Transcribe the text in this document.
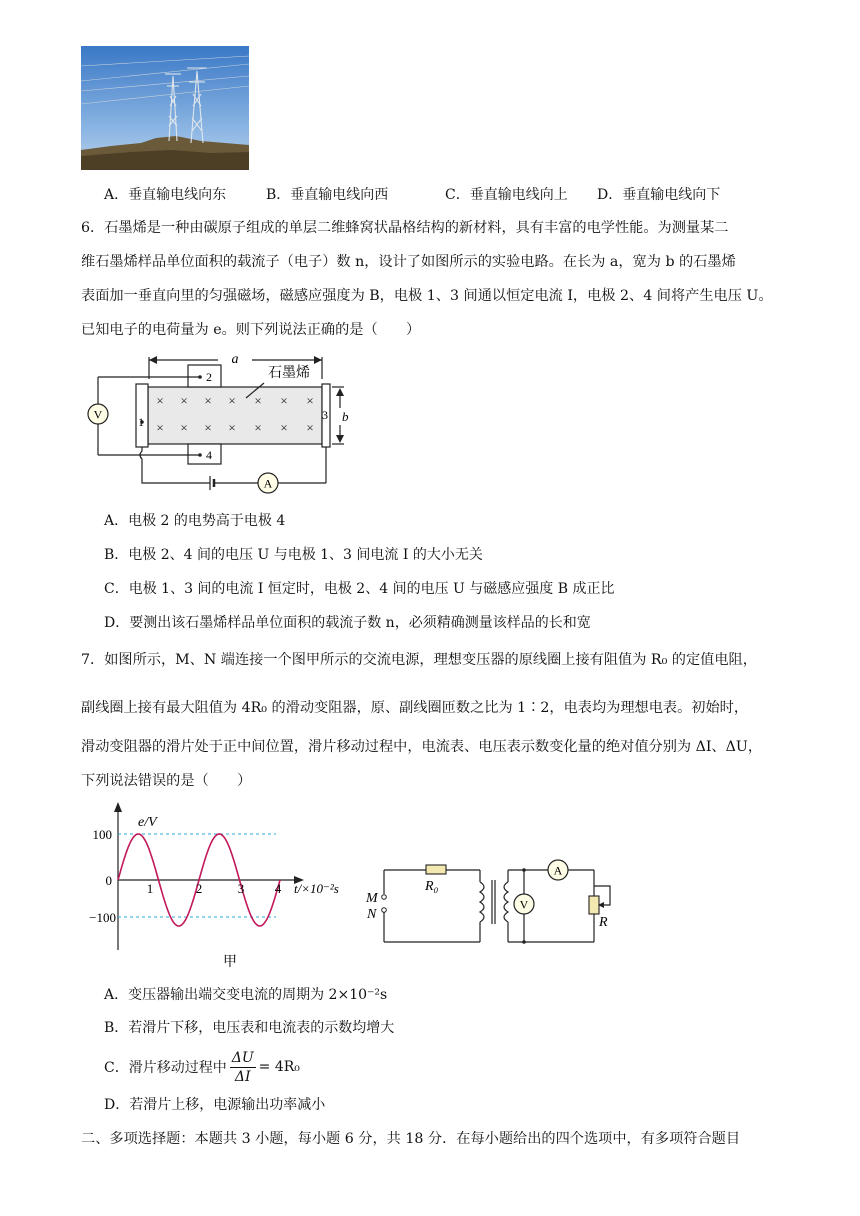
A．垂直输电线向东	B．垂直输电线向西	C．垂直输电线向上 D．垂直输电线向下
6．石墨烯是一种由碳原子组成的单层二维蜂窝状晶格结构的新材料，具有丰富的电学性能。为测量某二
维石墨烯样品单位面积的载流子（电子）数 n，设计了如图所示的实验电路。在长为 a，宽为 b 的石墨烯
表面加一垂直向里的匀强磁场，磁感应强度为 B，电极 1、3 间通以恒定电流 I，电极 2、4 间将产生电压 U。
已知电子的电荷量为 e。则下列说法正确的是（　　）
V
A
× × × × × × ×
× × × × × × ×
a
b
石墨烯
1
2
3
4
A．电极 2 的电势高于电极 4
B．电极 2、4 间的电压 U 与电极 1、3 间电流 I 的大小无关
C．电极 1、3 间的电流 I 恒定时，电极 2、4 间的电压 U 与磁感应强度 B 成正比
D．要测出该石墨烯样品单位面积的载流子数 n，必须精确测量该样品的长和宽
7．如图所示，M、N 端连接一个图甲所示的交流电源，理想变压器的原线圈上接有阻值为 R₀ 的定值电阻，
副线圈上接有最大阻值为 4R₀ 的滑动变阻器，原、副线圈匝数之比为 1∶2，电表均为理想电表。初始时，
滑动变阻器的滑片处于正中间位置，滑片移动过程中，电流表、电压表示数变化量的绝对值分别为 ΔI、ΔU，
下列说法错误的是（　　）
e/V
t/×10⁻²s
100
0
−100
1	2	3 4
甲
V
A
R₀
R
M
N
A．变压器输出端交变电流的周期为 2×10⁻²s
B．若滑片下移，电压表和电流表的示数均增大
C．滑片移动过程中 $\frac{\Delta U}{\Delta I} = 4R_0$
D．若滑片上移，电源输出功率减小
二、多项选择题：本题共 3 小题，每小题 6 分，共 18 分．在每小题给出的四个选项中，有多项符合题目
